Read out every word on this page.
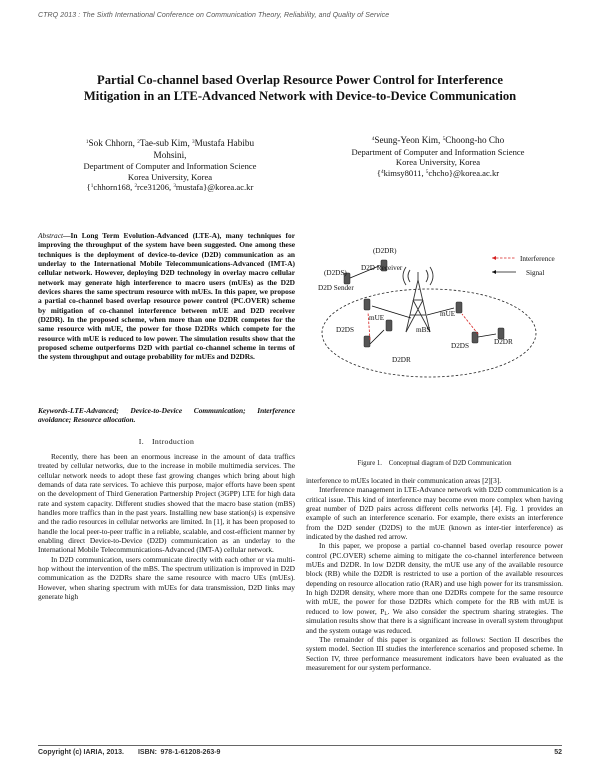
CTRQ 2013 : The Sixth International Conference on Communication Theory, Reliability, and Quality of Service
Partial Co-channel based Overlap Resource Power Control for Interference
Mitigation in an LTE-Advanced Network with Device-to-Device Communication
$^1$Sok Chhorn, $^2$Tae-sub Kim, $^3$Mustafa Habibu
Mohsini,
Department of Computer and Information Science
Korea University, Korea
{$^1$chhorn168, $^2$rce31206, $^3$mustafa}@korea.ac.kr
$^4$Seung-Yeon Kim, $^5$Choong-ho Cho
Department of Computer and Information Science
Korea University, Korea
{$^4$kimsy8011, $^5$chcho}@korea.ac.kr
Abstract—In Long Term Evolution-Advanced (LTE-A), many techniques for improving the throughput of the system have been suggested. One among these techniques is the deployment of device-to-device (D2D) communication as an underlay to the International Mobile Telecommunications-Advanced (IMT-A) cellular network. However, deploying D2D technology in overlay macro cellular network may generate high interference to macro users (mUEs) as the D2D devices shares the same spectrum resource with mUEs. In this paper, we propose a partial co-channel based overlap resource power control (PC.OVER) scheme by mitigation of co-channel interference between mUE and D2D receiver (D2DR). In the proposed scheme, when more than one D2DR competes for the same resource with mUE, the power for those D2DRs which compete for the resource with mUE is reduced to low power. The simulation results show that the proposed scheme outperforms D2D with partial co-channel scheme in terms of the system throughput and outage probability for mUEs and D2DRs.
Keywords-LTE-Advanced; Device-to-Device Communication; Interference avoidance; Resource allocation.
I. Introduction

Recently, there has been an enormous increase in the amount of data traffics treated by cellular networks, due to the increase in mobile multimedia services. The cellular network needs to adopt these fast growing changes which bring about high demands of data rate services. To achieve this purpose, major efforts have been spent on the development of Third Generation Partnership Project (3GPP) LTE for high data rate and system capacity. Different studies showed that the macro base station (mBS) handles more traffics than in the past years. Installing new base station(s) is expensive and the radio resources in cellular networks are limited. In [1], it has been proposed to handle the local peer-to-peer traffic in a reliable, scalable, and cost-efficient manner by enabling direct Device-to-Device (D2D) communication as an underlay to the International Mobile Telecommunications-Advanced (IMT-A) cellular network.

In D2D communication, users communicate directly with each other or via multi-hop without the intervention of the mBS. The spectrum utilization is improved in D2D communication as the D2DRs share the same resource with macro UEs (mUEs). However, when sharing spectrum with mUEs for data transmission, D2D links may generate high

Interference
Signal
(D2DR)
(D2DS)
D2D Receiver
D2D Sender
mUE	mUE
mBS
D2DS
D2DR
D2DS	D2DR
Figure 1. Conceptual diagram of D2D Communication

interference to mUEs located in their communication areas [2][3].

Interference management in LTE-Advance network with D2D communication is a critical issue. This kind of interference may become even more complex when having great number of D2D pairs across different cells networks [4]. Fig. 1 provides an example of such an interference scenario. For example, there exists an interference from the D2D sender (D2DS) to the mUE (known as inter-tier interference) as indicated by the dashed red arrow.

In this paper, we propose a partial co-channel based overlap resource power control (PC.OVER) scheme aiming to mitigate the co-channel interference between mUEs and D2DR. In low D2DR density, the mUE use any of the available resource block (RB) while the D2DR is restricted to use a portion of the available resources depending on resource allocation ratio (RAR) and use high power for its transmission. In high D2DR density, where more than one D2DRs compete for the same resource with mUE, the power for those D2DRs which compete for the RB with mUE is reduced to low power, $P_L$. We also consider the spectrum sharing strategies. The simulation results show that there is a significant increase in overall system throughput and the system outage was reduced.

The remainder of this paper is organized as follows: Section II describes the system model. Section III studies the interference scenarios and proposed scheme. In Section IV, three performance measurement indicators have been evaluated as the measurement for our system performance.

Copyright (c) IARIA, 2013.  ISBN: 978-1-61208-263-9	52
